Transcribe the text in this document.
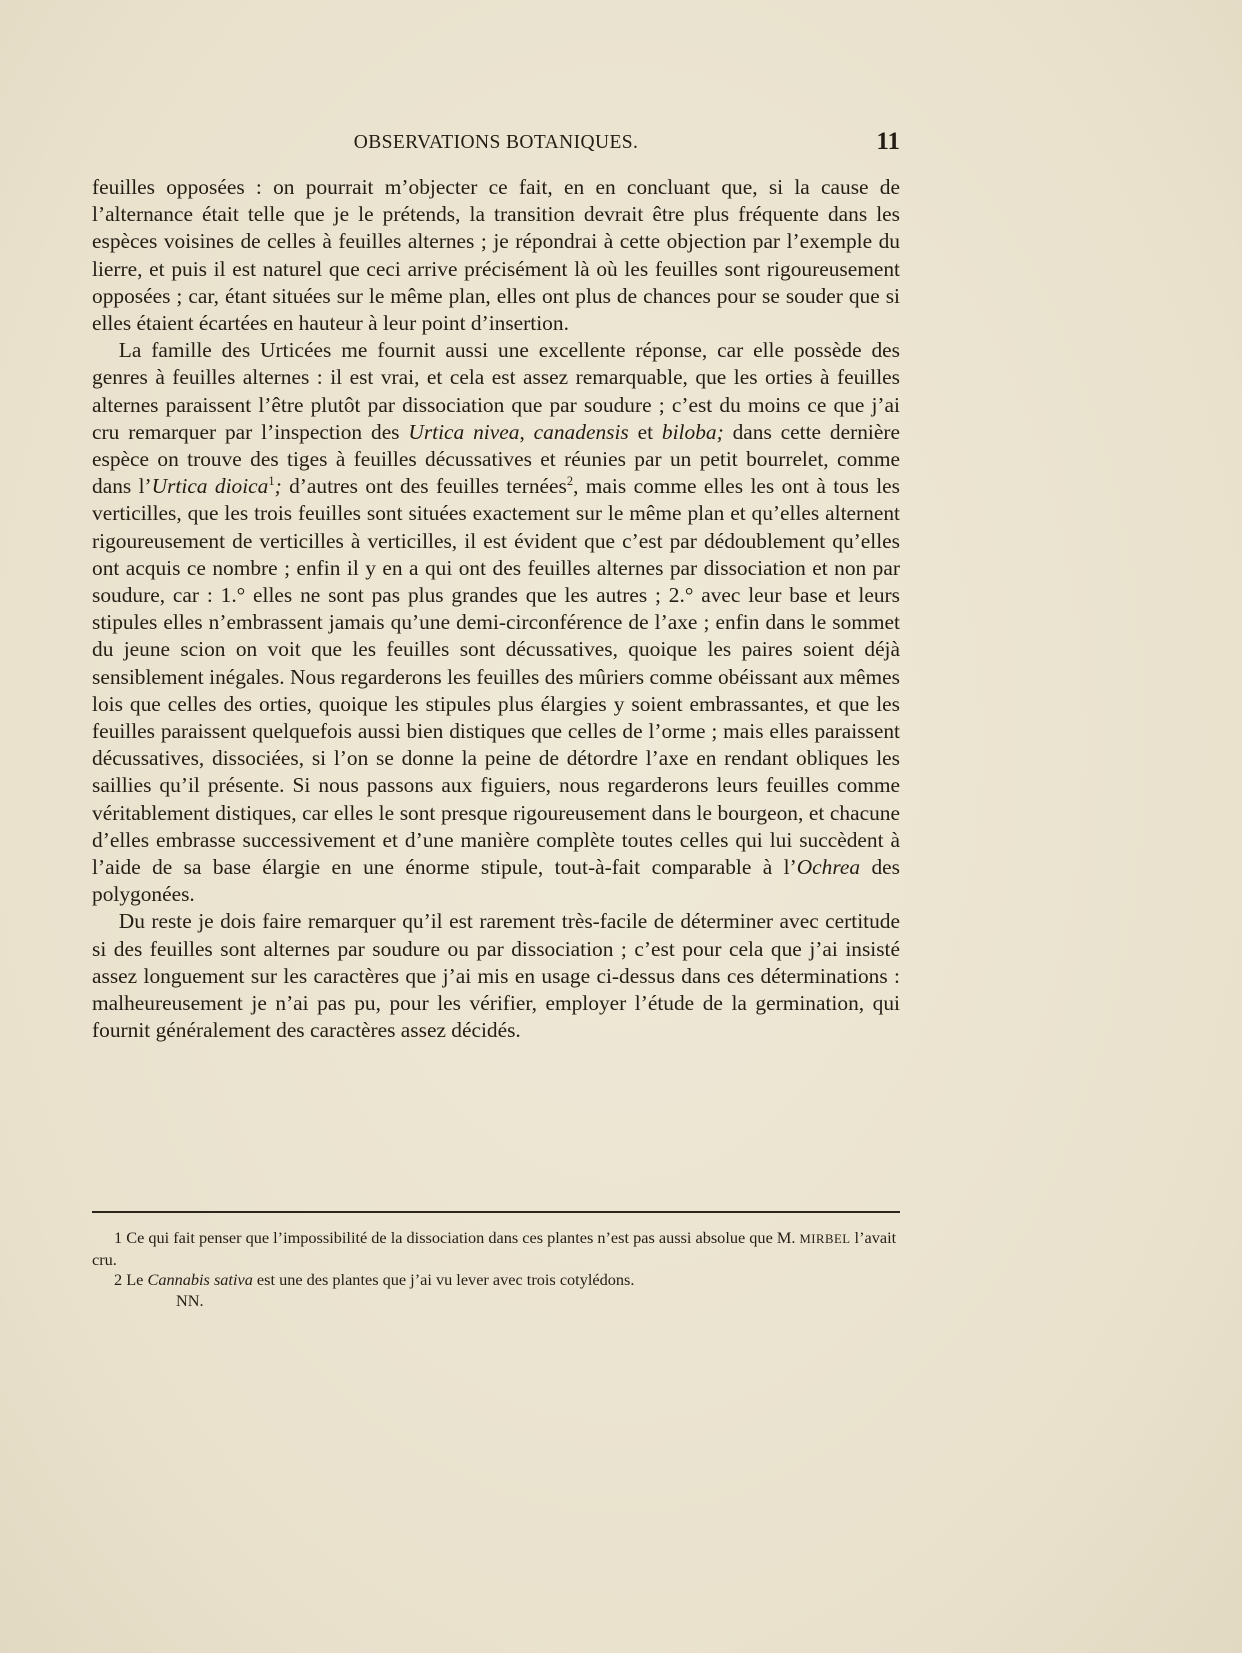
OBSERVATIONS BOTANIQUES.	11

feuilles opposées : on pourrait m’objecter ce fait, en en concluant que, si la cause de l’alternance était telle que je le prétends, la transition devrait être plus fréquente dans les espèces voisines de celles à feuilles alternes ; je répondrai à cette objection par l’exemple du lierre, et puis il est naturel que ceci arrive précisément là où les feuilles sont rigoureusement opposées ; car, étant situées sur le même plan, elles ont plus de chances pour se souder que si elles étaient écartées en hauteur à leur point d’insertion.

La famille des Urticées me fournit aussi une excellente réponse, car elle possède des genres à feuilles alternes : il est vrai, et cela est assez remarquable, que les orties à feuilles alternes paraissent l’être plutôt par dissociation que par soudure ; c’est du moins ce que j’ai cru remarquer par l’inspection des Urtica nivea, canadensis et biloba; dans cette dernière espèce on trouve des tiges à feuilles décussatives et réunies par un petit bourrelet, comme dans l’Urtica dioica$^1$; d’autres ont des feuilles ternées$^2$, mais comme elles les ont à tous les verticilles, que les trois feuilles sont situées exactement sur le même plan et qu’elles alternent rigoureusement de verticilles à verticilles, il est évident que c’est par dédoublement qu’elles ont acquis ce nombre ; enfin il y en a qui ont des feuilles alternes par dissociation et non par soudure, car : 1.° elles ne sont pas plus grandes que les autres ; 2.° avec leur base et leurs stipules elles n’embrassent jamais qu’une demi-circonférence de l’axe ; enfin dans le sommet du jeune scion on voit que les feuilles sont décussatives, quoique les paires soient déjà sensiblement inégales. Nous regarderons les feuilles des mûriers comme obéissant aux mêmes lois que celles des orties, quoique les stipules plus élargies y soient embrassantes, et que les feuilles paraissent quelquefois aussi bien distiques que celles de l’orme ; mais elles paraissent décussatives, dissociées, si l’on se donne la peine de détordre l’axe en rendant obliques les saillies qu’il présente. Si nous passons aux figuiers, nous regarderons leurs feuilles comme véritablement distiques, car elles le sont presque rigoureusement dans le bourgeon, et chacune d’elles embrasse successivement et d’une manière complète toutes celles qui lui succèdent à l’aide de sa base élargie en une énorme stipule, tout-à-fait comparable à l’Ochrea des polygonées.

Du reste je dois faire remarquer qu’il est rarement très-facile de déterminer avec certitude si des feuilles sont alternes par soudure ou par dissociation ; c’est pour cela que j’ai insisté assez longuement sur les caractères que j’ai mis en usage ci-dessus dans ces déterminations : malheureusement je n’ai pas pu, pour les vérifier, employer l’étude de la germination, qui fournit généralement des caractères assez décidés.

1 Ce qui fait penser que l’impossibilité de la dissociation dans ces plantes n’est pas aussi absolue que M. MIRBEL l’avait cru.

2 Le Cannabis sativa est une des plantes que j’ai vu lever avec trois cotylédons.

NN.
